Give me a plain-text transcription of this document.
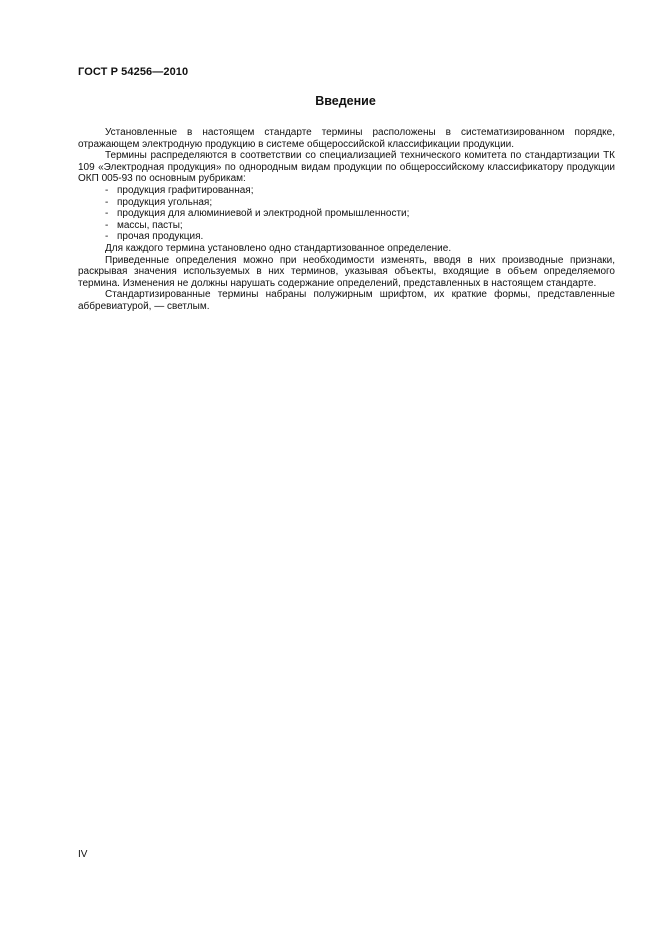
ГОСТ Р 54256—2010
Введение

Установленные в настоящем стандарте термины расположены в систематизированном порядке, отражающем электродную продукцию в системе общероссийской классификации продукции.

Термины распределяются в соответствии со специализацией технического комитета по стандартизации ТК 109 «Электродная продукция» по однородным видам продукции по общероссийскому классификатору продукции ОКП 005-93 по основным рубрикам:

- продукция графитированная;
- продукция угольная;
- продукция для алюминиевой и электродной промышленности;
- массы, пасты;
- прочая продукция.

Для каждого термина установлено одно стандартизованное определение.

Приведенные определения можно при необходимости изменять, вводя в них производные признаки, раскрывая значения используемых в них терминов, указывая объекты, входящие в объем определяемого термина. Изменения не должны нарушать содержание определений, представленных в настоящем стандарте.

Стандартизированные термины набраны полужирным шрифтом, их краткие формы, представленные аббревиатурой, — светлым.

IV
